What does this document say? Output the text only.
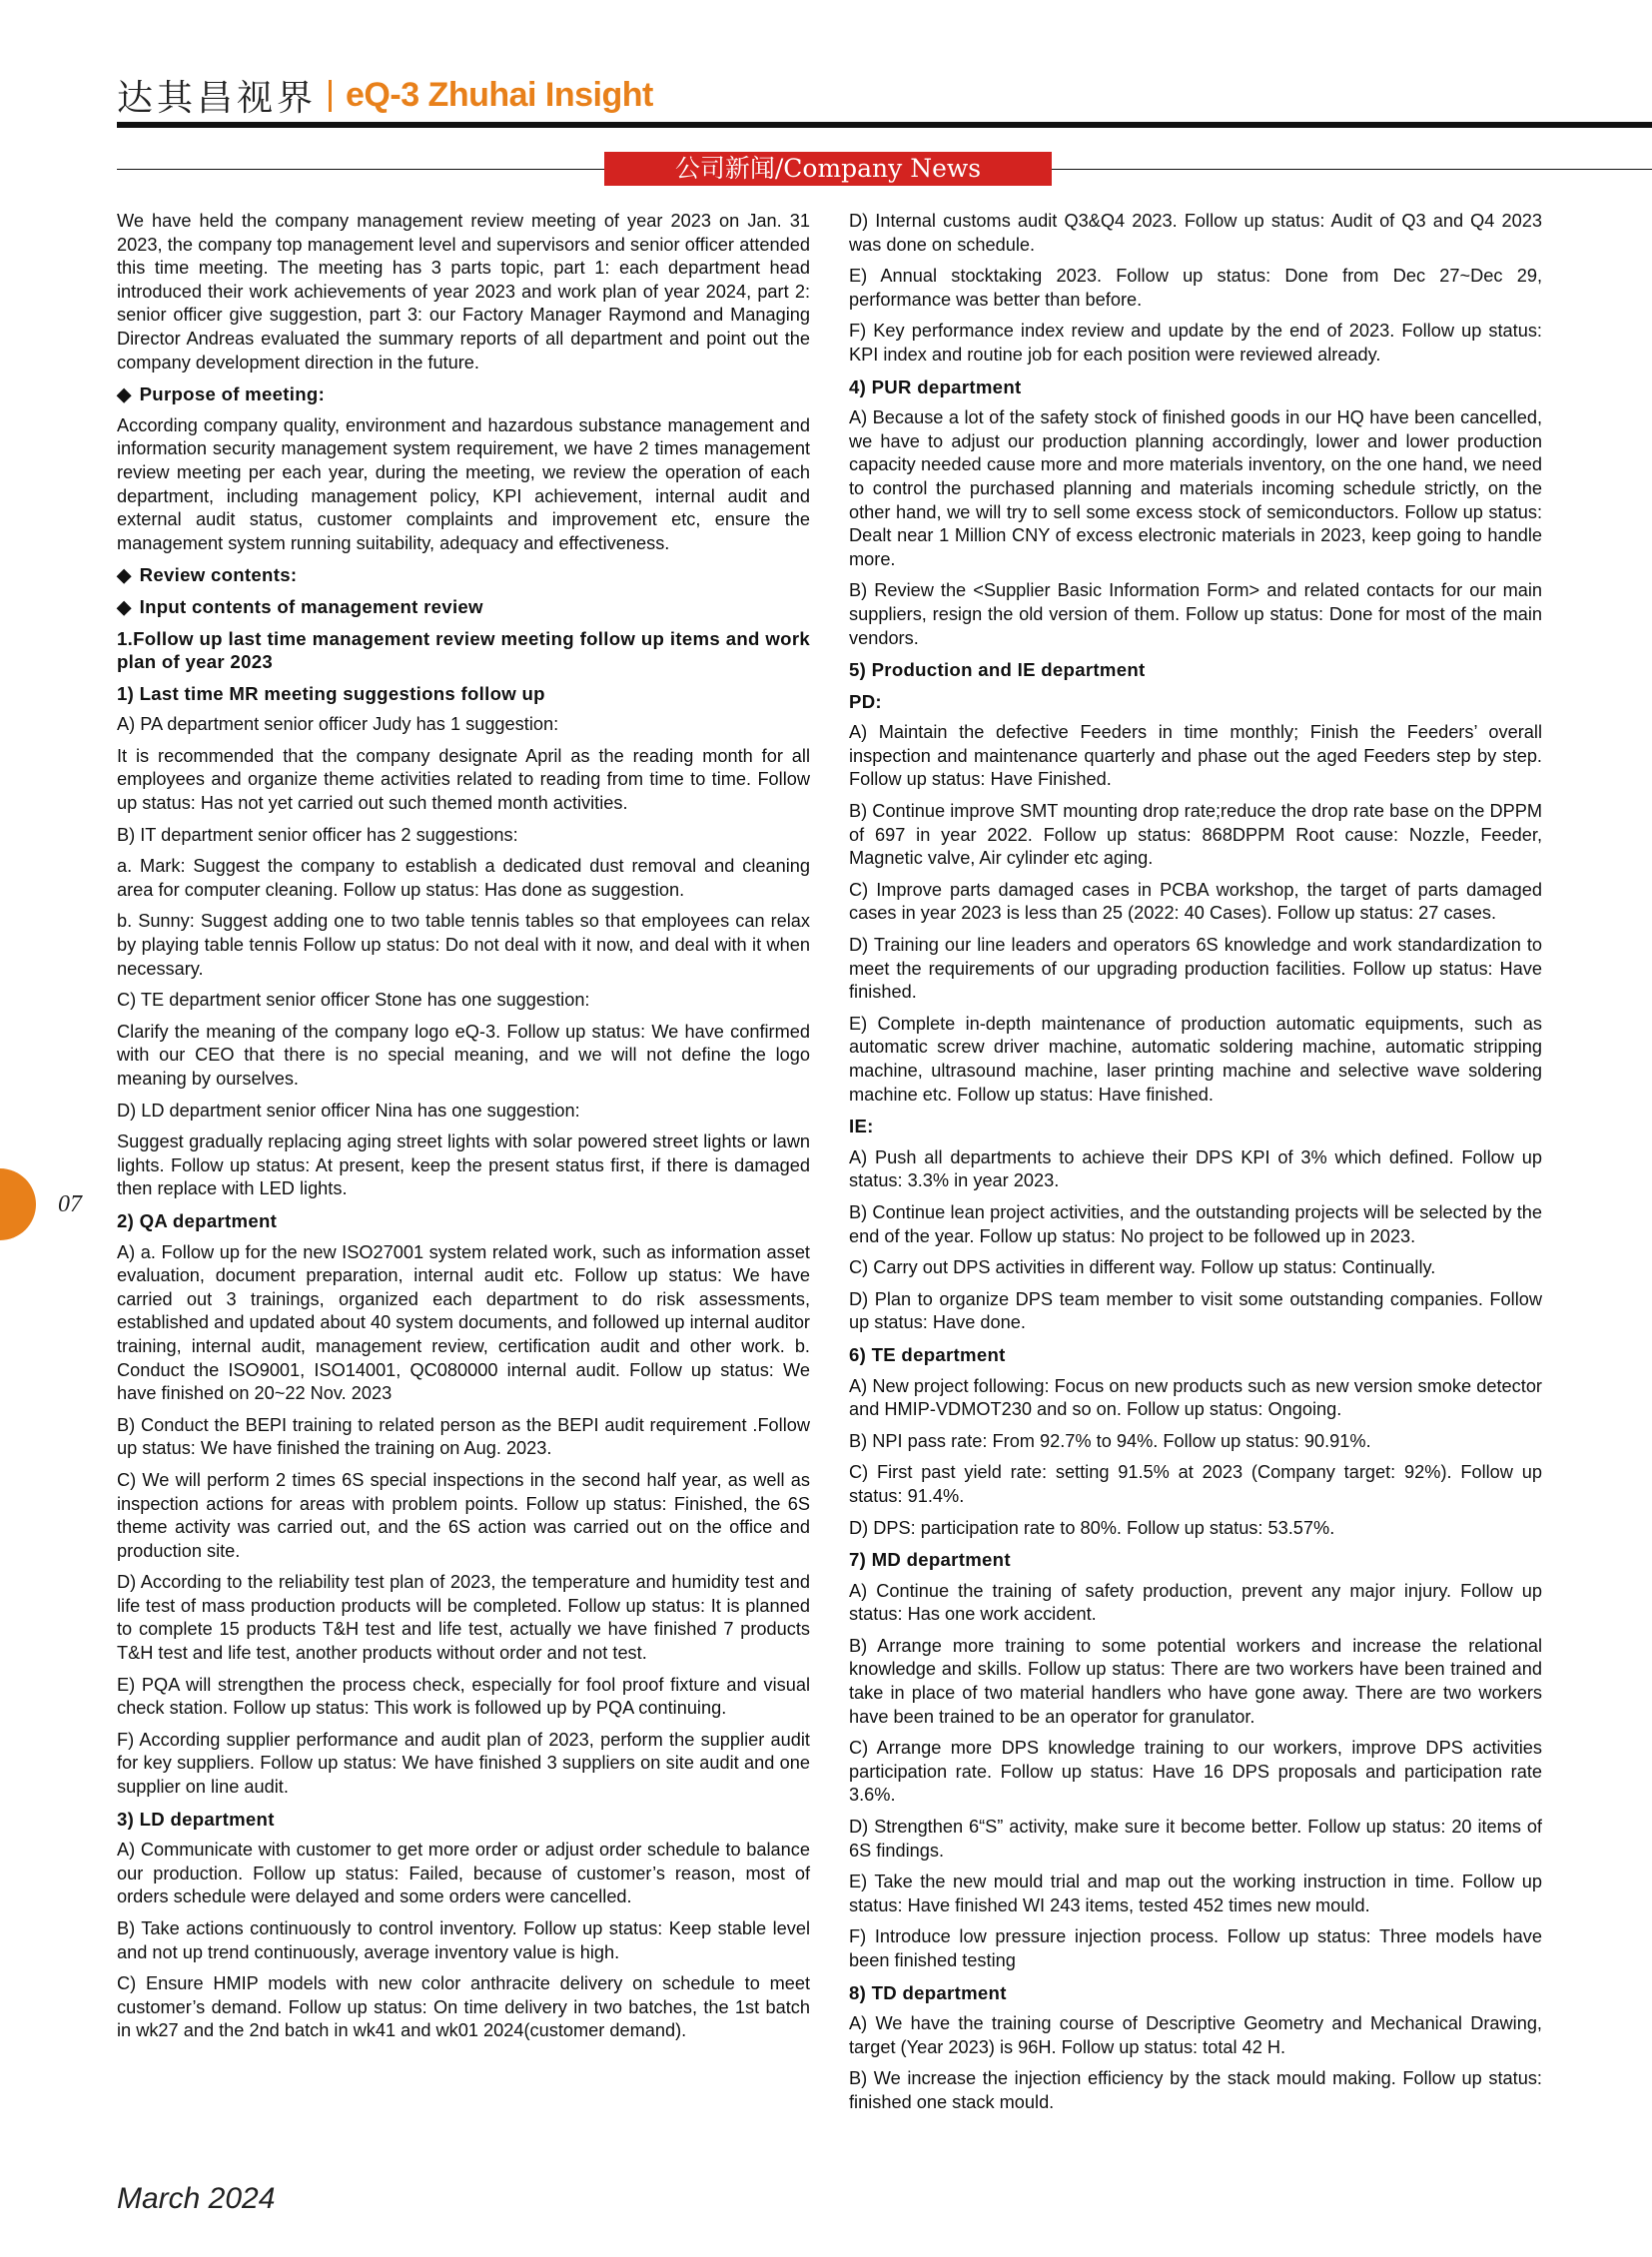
达其昌视界 eQ-3 Zhuhai Insight
公司新闻/Company News

We have held the company management review meeting of year 2023 on Jan. 31 2023, the company top management level and supervisors and senior officer attended this time meeting. The meeting has 3 parts topic, part 1: each department head introduced their work achievements of year 2023 and work plan of year 2024, part 2: senior officer give suggestion, part 3: our Factory Manager Raymond and Managing Director Andreas evaluated the summary reports of all department and point out the company development direction in the future.

◆ Purpose of meeting:

According company quality, environment and hazardous substance management and information security management system requirement, we have 2 times management review meeting per each year, during the meeting, we review the operation of each department, including management policy, KPI achievement, internal audit and external audit status, customer complaints and improvement etc, ensure the management system running suitability, adequacy and effectiveness.

◆ Review contents:
◆ Input contents of management review
1.Follow up last time management review meeting follow up items and work plan of year 2023
1) Last time MR meeting suggestions follow up

A) PA department senior officer Judy has 1 suggestion:

It is recommended that the company designate April as the reading month for all employees and organize theme activities related to reading from time to time. Follow up status: Has not yet carried out such themed month activities.

B) IT department senior officer has 2 suggestions:

a. Mark: Suggest the company to establish a dedicated dust removal and cleaning area for computer cleaning. Follow up status: Has done as suggestion.

b. Sunny: Suggest adding one to two table tennis tables so that employees can relax by playing table tennis Follow up status: Do not deal with it now, and deal with it when necessary.

C) TE department senior officer Stone has one suggestion:

Clarify the meaning of the company logo eQ-3. Follow up status: We have confirmed with our CEO that there is no special meaning, and we will not define the logo meaning by ourselves.

D) LD department senior officer Nina has one suggestion:

Suggest gradually replacing aging street lights with solar powered street lights or lawn lights. Follow up status: At present, keep the present status first, if there is damaged then replace with LED lights.

2) QA department

A) a. Follow up for the new ISO27001 system related work, such as information asset evaluation, document preparation, internal audit etc. Follow up status: We have carried out 3 trainings, organized each department to do risk assessments, established and updated about 40 system documents, and followed up internal auditor training, internal audit, management review, certification audit and other work. b. Conduct the ISO9001, ISO14001, QC080000 internal audit. Follow up status: We have finished on 20~22 Nov. 2023

B) Conduct the BEPI training to related person as the BEPI audit requirement .Follow up status: We have finished the training on Aug. 2023.

C) We will perform 2 times 6S special inspections in the second half year, as well as inspection actions for areas with problem points. Follow up status: Finished, the 6S theme activity was carried out, and the 6S action was carried out on the office and production site.

D) According to the reliability test plan of 2023, the temperature and humidity test and life test of mass production products will be completed. Follow up status: It is planned to complete 15 products T&H test and life test, actually we have finished 7 products T&H test and life test, another products without order and not test.

E) PQA will strengthen the process check, especially for fool proof fixture and visual check station. Follow up status: This work is followed up by PQA continuing.

F) According supplier performance and audit plan of 2023, perform the supplier audit for key suppliers. Follow up status: We have finished 3 suppliers on site audit and one supplier on line audit.

3) LD department

A) Communicate with customer to get more order or adjust order schedule to balance our production. Follow up status: Failed, because of customer’s reason, most of orders schedule were delayed and some orders were cancelled.

B) Take actions continuously to control inventory. Follow up status: Keep stable level and not up trend continuously, average inventory value is high.

C) Ensure HMIP models with new color anthracite delivery on schedule to meet customer’s demand. Follow up status: On time delivery in two batches, the 1st batch in wk27 and the 2nd batch in wk41 and wk01 2024(customer demand).

D) Internal customs audit Q3&Q4 2023. Follow up status: Audit of Q3 and Q4 2023 was done on schedule.

E) Annual stocktaking 2023. Follow up status: Done from Dec 27~Dec 29, performance was better than before.

F) Key performance index review and update by the end of 2023. Follow up status: KPI index and routine job for each position were reviewed already.

4) PUR department

A) Because a lot of the safety stock of finished goods in our HQ have been cancelled, we have to adjust our production planning accordingly, lower and lower production capacity needed cause more and more materials inventory, on the one hand, we need to control the purchased planning and materials incoming schedule strictly, on the other hand, we will try to sell some excess stock of semiconductors. Follow up status: Dealt near 1 Million CNY of excess electronic materials in 2023, keep going to handle more.

B) Review the <Supplier Basic Information Form> and related contacts for our main suppliers, resign the old version of them. Follow up status: Done for most of the main vendors.

5) Production and IE department
PD:

A) Maintain the defective Feeders in time monthly; Finish the Feeders’ overall inspection and maintenance quarterly and phase out the aged Feeders step by step. Follow up status: Have Finished.

B) Continue improve SMT mounting drop rate;reduce the drop rate base on the DPPM of 697 in year 2022. Follow up status: 868DPPM Root cause: Nozzle, Feeder, Magnetic valve, Air cylinder etc aging.

C) Improve parts damaged cases in PCBA workshop, the target of parts damaged cases in year 2023 is less than 25 (2022: 40 Cases). Follow up status: 27 cases.

D) Training our line leaders and operators 6S knowledge and work standardization to meet the requirements of our upgrading production facilities. Follow up status: Have finished.

E) Complete in-depth maintenance of production automatic equipments, such as automatic screw driver machine, automatic soldering machine, automatic stripping machine, ultrasound machine, laser printing machine and selective wave soldering machine etc. Follow up status: Have finished.

IE:

A) Push all departments to achieve their DPS KPI of 3% which defined. Follow up status: 3.3% in year 2023.

B) Continue lean project activities, and the outstanding projects will be selected by the end of the year. Follow up status: No project to be followed up in 2023.

C) Carry out DPS activities in different way. Follow up status: Continually.

D) Plan to organize DPS team member to visit some outstanding companies. Follow up status: Have done.

6) TE department

A) New project following: Focus on new products such as new version smoke detector and HMIP-VDMOT230 and so on. Follow up status: Ongoing.

B) NPI pass rate: From 92.7% to 94%. Follow up status: 90.91%.

C) First past yield rate: setting 91.5% at 2023 (Company target: 92%). Follow up status: 91.4%.

D) DPS: participation rate to 80%. Follow up status: 53.57%.

7) MD department

A) Continue the training of safety production, prevent any major injury. Follow up status: Has one work accident.

B) Arrange more training to some potential workers and increase the relational knowledge and skills. Follow up status: There are two workers have been trained and take in place of two material handlers who have gone away. There are two workers have been trained to be an operator for granulator.

C) Arrange more DPS knowledge training to our workers, improve DPS activities participation rate. Follow up status: Have 16 DPS proposals and participation rate 3.6%.

D) Strengthen 6“S” activity, make sure it become better. Follow up status: 20 items of 6S findings.

E) Take the new mould trial and map out the working instruction in time. Follow up status: Have finished WI 243 items, tested 452 times new mould.

F) Introduce low pressure injection process. Follow up status: Three models have been finished testing

8) TD department

A) We have the training course of Descriptive Geometry and Mechanical Drawing, target (Year 2023) is 96H. Follow up status: total 42 H.

B) We increase the injection efficiency by the stack mould making. Follow up status: finished one stack mould.

07
March 2024
